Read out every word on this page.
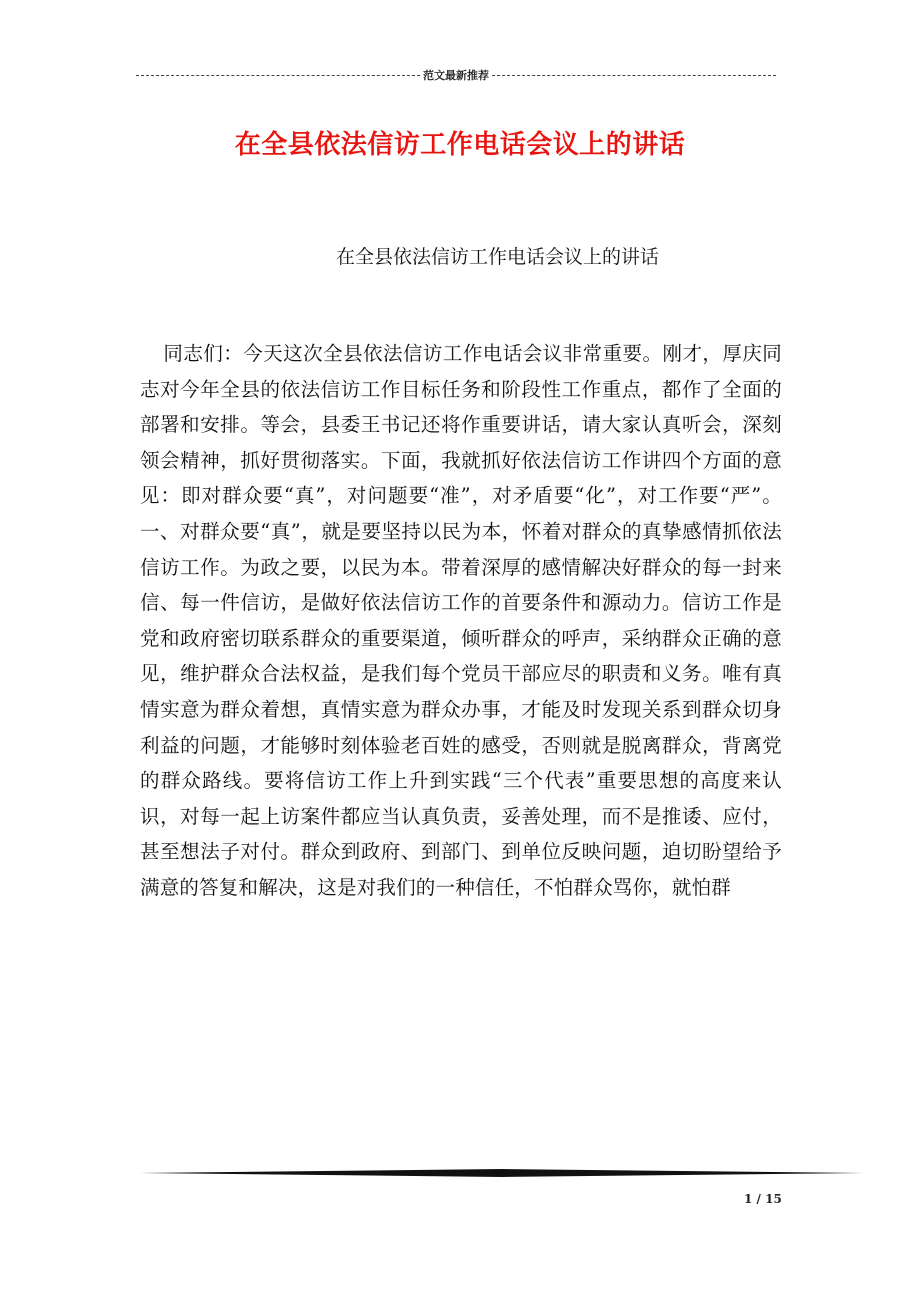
范文最新推荐
在全县依法信访工作电话会议上的讲话
在全县依法信访工作电话会议上的讲话
同志们：今天这次全县依法信访工作电话会议非常重要。刚才，厚庆同志对今年全县的依法信访工作目标任务和阶段性工作重点，都作了全面的部署和安排。等会，县委王书记还将作重要讲话，请大家认真听会，深刻领会精神，抓好贯彻落实。下面，我就抓好依法信访工作讲四个方面的意见：即对群众要“真”，对问题要“准”，对矛盾要“化”，对工作要“严”。一、对群众要“真”，就是要坚持以民为本，怀着对群众的真挚感情抓依法信访工作。为政之要，以民为本。带着深厚的感情解决好群众的每一封来信、每一件信访，是做好依法信访工作的首要条件和源动力。信访工作是党和政府密切联系群众的重要渠道，倾听群众的呼声，采纳群众正确的意见，维护群众合法权益，是我们每个党员干部应尽的职责和义务。唯有真情实意为群众着想，真情实意为群众办事，才能及时发现关系到群众切身利益的问题，才能够时刻体验老百姓的感受，否则就是脱离群众，背离党的群众路线。要将信访工作上升到实践“三个代表”重要思想的高度来认识，对每一起上访案件都应当认真负责，妥善处理，而不是推诿、应付，甚至想法子对付。群众到政府、到部门、到单位反映问题，迫切盼望给予满意的答复和解决，这是对我们的一种信任，不怕群众骂你，就怕群
1 / 15
